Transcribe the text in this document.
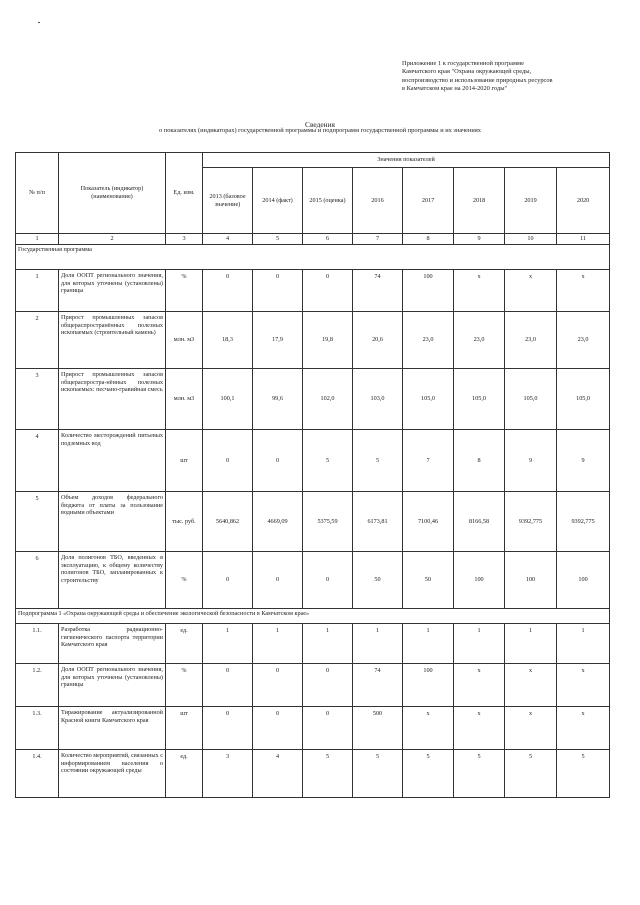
Приложение 1 к государственной программе
Камчатского края "Охрана окружающей среды,
воспроизводство и использование природных ресурсов
в Камчатском крае на 2014-2020 годы"
Сведения
о показателях (индикаторах) государственной программы и подпрограмм государственной программы и их значениях
№ п/п	Показатель (индикатор) (наименование)	Ед. изм.	Значения показателей							
			2013 (базовое значение)	2014 (факт)	2015 (оценка)	2016	2017	2018	2019	2020
1	2	3	4	5	6	7	8	9	10	11
Государственная программа										
1	Доля ООПТ регионального значения, для которых уточнены (установлены) границы	%	0	0	0	74	100	x	x	x
2	Прирост промышленных запасов общераспространённых полезных ископаемых (строительный камень)	млн. м3	18,3	17,9	19,8	20,6	23,0	23,0	23,0	23,0
3	Прирост промышленных запасов общераспростра-нённых полезных ископаемых: песчано-гравийная смесь	млн. м3	100,1	99,6	102,0	103,0	105,0	105,0	105,0	105,0
4	Количество месторождений питьевых подземных вод	шт	0	0	5	5	7	8	9	9
5	Объем доходов федерального бюджета от платы за пользование водными объектами	тыс. руб.	5640,862	4669,09	5375,59	6173,81	7100,46	8166,58	9392,775	9392,775
6	Доля полигонов ТБО, введенных в эксплуатацию, к общему количеству полигонов ТБО, запланированных к строительству	%	0	0	0	50	50	100	100	100
Подпрограмма 1 «Охрана окружающей среды и обеспечение экологической безопасности в Камчатском крае»										
1.1.	Разработка радиационно-гигиенического паспорта территории Камчатского края	ед.	1	1	1	1	1	1	1	1
1.2.	Доля ООПТ регионального значения, для которых уточнены (установлены) границы	%	0	0	0	74	100	x	x	x
1.3.	Тиражирование актуализированной Красной книги Камчатского края	шт	0	0	0	500	x	x	x	x
1.4.	Количество мероприятий, связанных с информированием населения о состоянии окружающей среды	ед.	3	4	5	5	5	5	5	5
